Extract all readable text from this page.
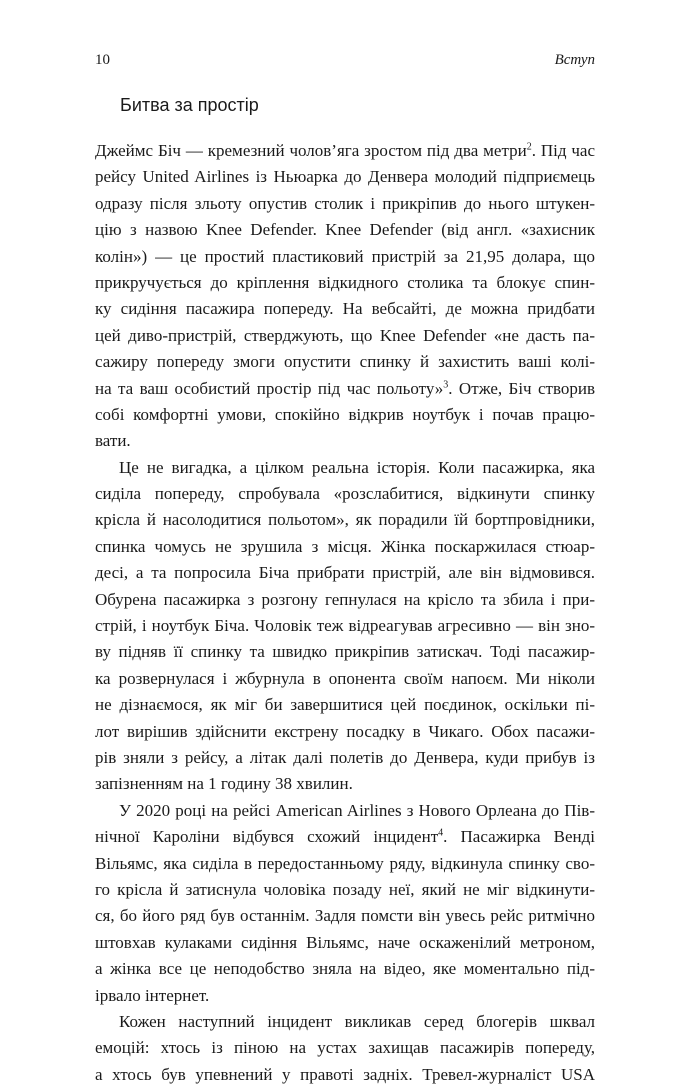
10	Вступ
Битва за простір
Джеймс Біч — кремезний чолов’яга зростом під два метри$^2$. Під час
рейсу United Airlines із Ньюарка до Денвера молодий підприємець
одразу після зльоту опустив столик і прикріпив до нього штукен-
цію з назвою Knee Defender. Knee Defender (від англ. «захисник
колін») — це простий пластиковий пристрій за 21,95 долара, що
прикручується до кріплення відкидного столика та блокує спин-
ку сидіння пасажира попереду. На вебсайті, де можна придбати
цей диво-пристрій, стверджують, що Knee Defender «не дасть па-
сажиру попереду змоги опустити спинку й захистить ваші колі-
на та ваш особистий простір під час польоту»$^3$. Отже, Біч створив
собі комфортні умови, спокійно відкрив ноутбук і почав працю-
вати.
Це не вигадка, а цілком реальна історія. Коли пасажирка, яка
сиділа попереду, спробувала «розслабитися, відкинути спинку
крісла й насолодитися польотом», як порадили їй бортпровідники,
спинка чомусь не зрушила з місця. Жінка поскаржилася стюар-
десі, а та попросила Біча прибрати пристрій, але він відмовився.
Обурена пасажирка з розгону гепнулася на крісло та збила і при-
стрій, і ноутбук Біча. Чоловік теж відреагував агресивно — він зно-
ву підняв її спинку та швидко прикріпив затискач. Тоді пасажир-
ка розвернулася і жбурнула в опонента своїм напоєм. Ми ніколи
не дізнаємося, як міг би завершитися цей поєдинок, оскільки пі-
лот вирішив здійснити екстрену посадку в Чикаго. Обох пасажи-
рів зняли з рейсу, а літак далі полетів до Денвера, куди прибув із
запізненням на 1 годину 38 хвилин.
У 2020 році на рейсі American Airlines з Нового Орлеана до Пів-
нічної Кароліни відбувся схожий інцидент$^4$. Пасажирка Венді
Вільямс, яка сиділа в передостанньому ряду, відкинула спинку сво-
го крісла й затиснула чоловіка позаду неї, який не міг відкинути-
ся, бо його ряд був останнім. Задля помсти він увесь рейс ритмічно
штовхав кулаками сидіння Вільямс, наче оскаженілий метроном,
а жінка все це неподобство зняла на відео, яке моментально під-
ірвало інтернет.
Кожен наступний інцидент викликав серед блогерів шквал
емоцій: хтось із піною на устах захищав пасажирів попереду,
а хтось був упевнений у правоті задніх. Тревел-журналіст USA
